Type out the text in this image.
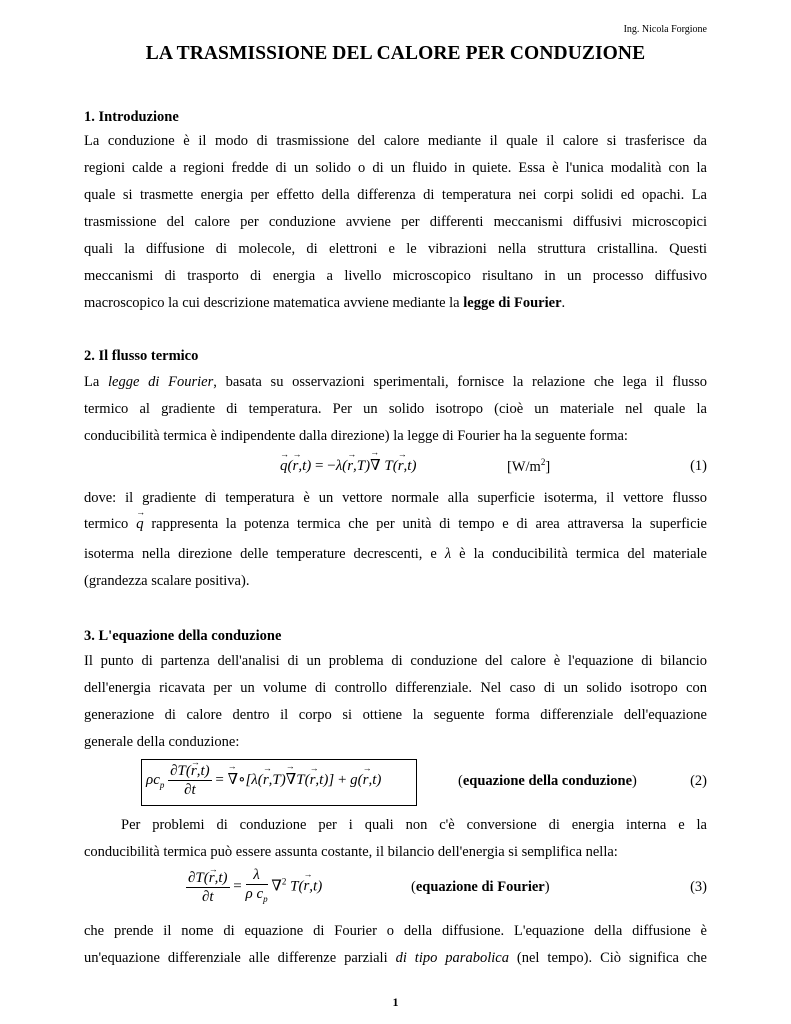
Ing. Nicola Forgione
LA TRASMISSIONE DEL CALORE PER CONDUZIONE
1. Introduzione
La conduzione è il modo di trasmissione del calore mediante il quale il calore si trasferisce da
regioni calde a regioni fredde di un solido o di un fluido in quiete. Essa è l'unica modalità con la
quale si trasmette energia per effetto della differenza di temperatura nei corpi solidi ed opachi. La
trasmissione del calore per conduzione avviene per differenti meccanismi diffusivi microscopici
quali la diffusione di molecole, di elettroni e le vibrazioni nella struttura cristallina. Questi
meccanismi di trasporto di energia a livello microscopico risultano in un processo diffusivo
macroscopico la cui descrizione matematica avviene mediante la legge di Fourier.
2. Il flusso termico
La legge di Fourier, basata su osservazioni sperimentali, fornisce la relazione che lega il flusso
termico al gradiente di temperatura. Per un solido isotropo (cioè un materiale nel quale la
conducibilità termica è indipendente dalla direzione) la legge di Fourier ha la seguente forma:
→ q(→ r,t) = −λ(→ r,T)→ ∇ T(→ r,t)	$[W/m^2]$	(1)
dove: il gradiente di temperatura è un vettore normale alla superficie isoterma, il vettore flusso
termico → q rappresenta la potenza termica che per unità di tempo e di area attraversa la superficie
isoterma nella direzione delle temperature decrescenti, e λ è la conducibilità termica del materiale
(grandezza scalare positiva).
3. L'equazione della conduzione
Il punto di partenza dell'analisi di un problema di conduzione del calore è l'equazione di bilancio
dell'energia ricavata per un volume di controllo differenziale. Nel caso di un solido isotropo con
generazione di calore dentro il corpo si ottiene la seguente forma differenziale dell'equazione
generale della conduzione:
$\rho c_p \frac{\partial T(\to r,t)}{\partial t}$ = → ∇∘[λ(→ r,T)→ ∇T(→ r,t)] + g(→ r,t)	(equazione della conduzione)	(2)
Per problemi di conduzione per i quali non c'è conversione di energia interna e la
conducibilità termica può essere assunta costante, il bilancio dell'energia si semplifica nella:
$\frac{\partial T(\to r,t)}{\partial t} = \frac{\lambda}{\rho c_p} \nabla^2$ T(→ r,t)	(equazione di Fourier)	(3)
che prende il nome di equazione di Fourier o della diffusione. L'equazione della diffusione è
un'equazione differenziale alle differenze parziali di tipo parabolica (nel tempo). Ciò significa che
1
